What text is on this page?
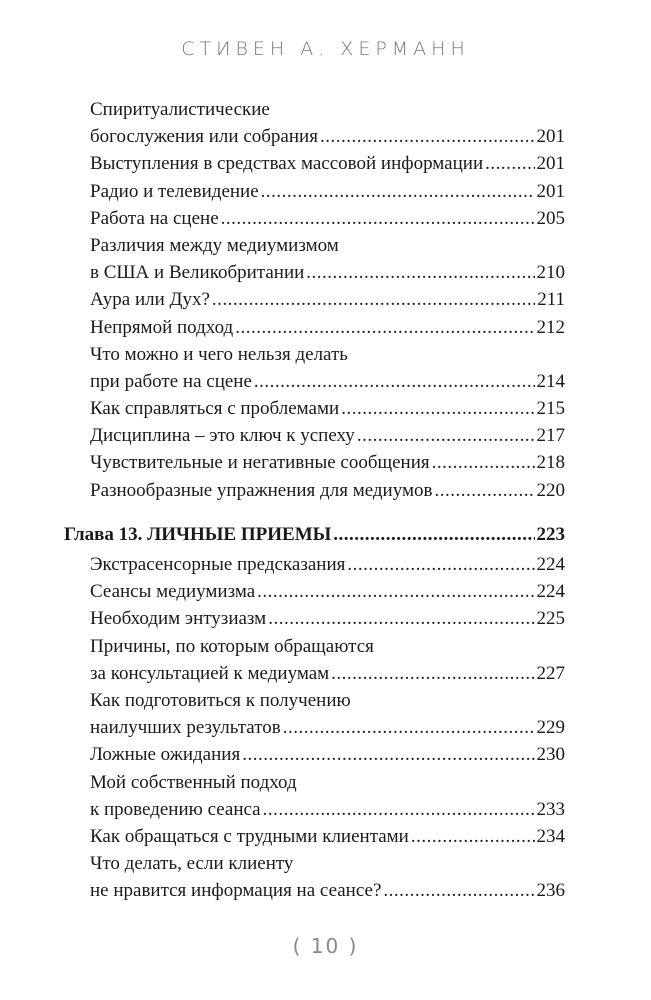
СТИВЕН А. ХЕРМАНН
Спиритуалистические
богослужения или собрания .....	201
Выступления в средствах массовой информации .....	201
Радио и телевидение .....	201
Работа на сцене .....	205
Различия между медиумизмом
в США и Великобритании .....	210
Аура или Дух? .....	211
Непрямой подход .....	212
Что можно и чего нельзя делать
при работе на сцене .....	214
Как справляться с проблемами .....	215
Дисциплина – это ключ к успеху .....	217
Чувствительные и негативные сообщения .....	218
Разнообразные упражнения для медиумов .....	220
Глава 13. ЛИЧНЫЕ ПРИЕМЫ .....	223
Экстрасенсорные предсказания .....	224
Сеансы медиумизма .....	224
Необходим энтузиазм .....	225
Причины, по которым обращаются
за консультацией к медиумам .....	227
Как подготовиться к получению
наилучших результатов .....	229
Ложные ожидания .....	230
Мой собственный подход
к проведению сеанса .....	233
Как обращаться с трудными клиентами .....	234
Что делать, если клиенту
не нравится информация на сеансе? .....	236
( 10 )
